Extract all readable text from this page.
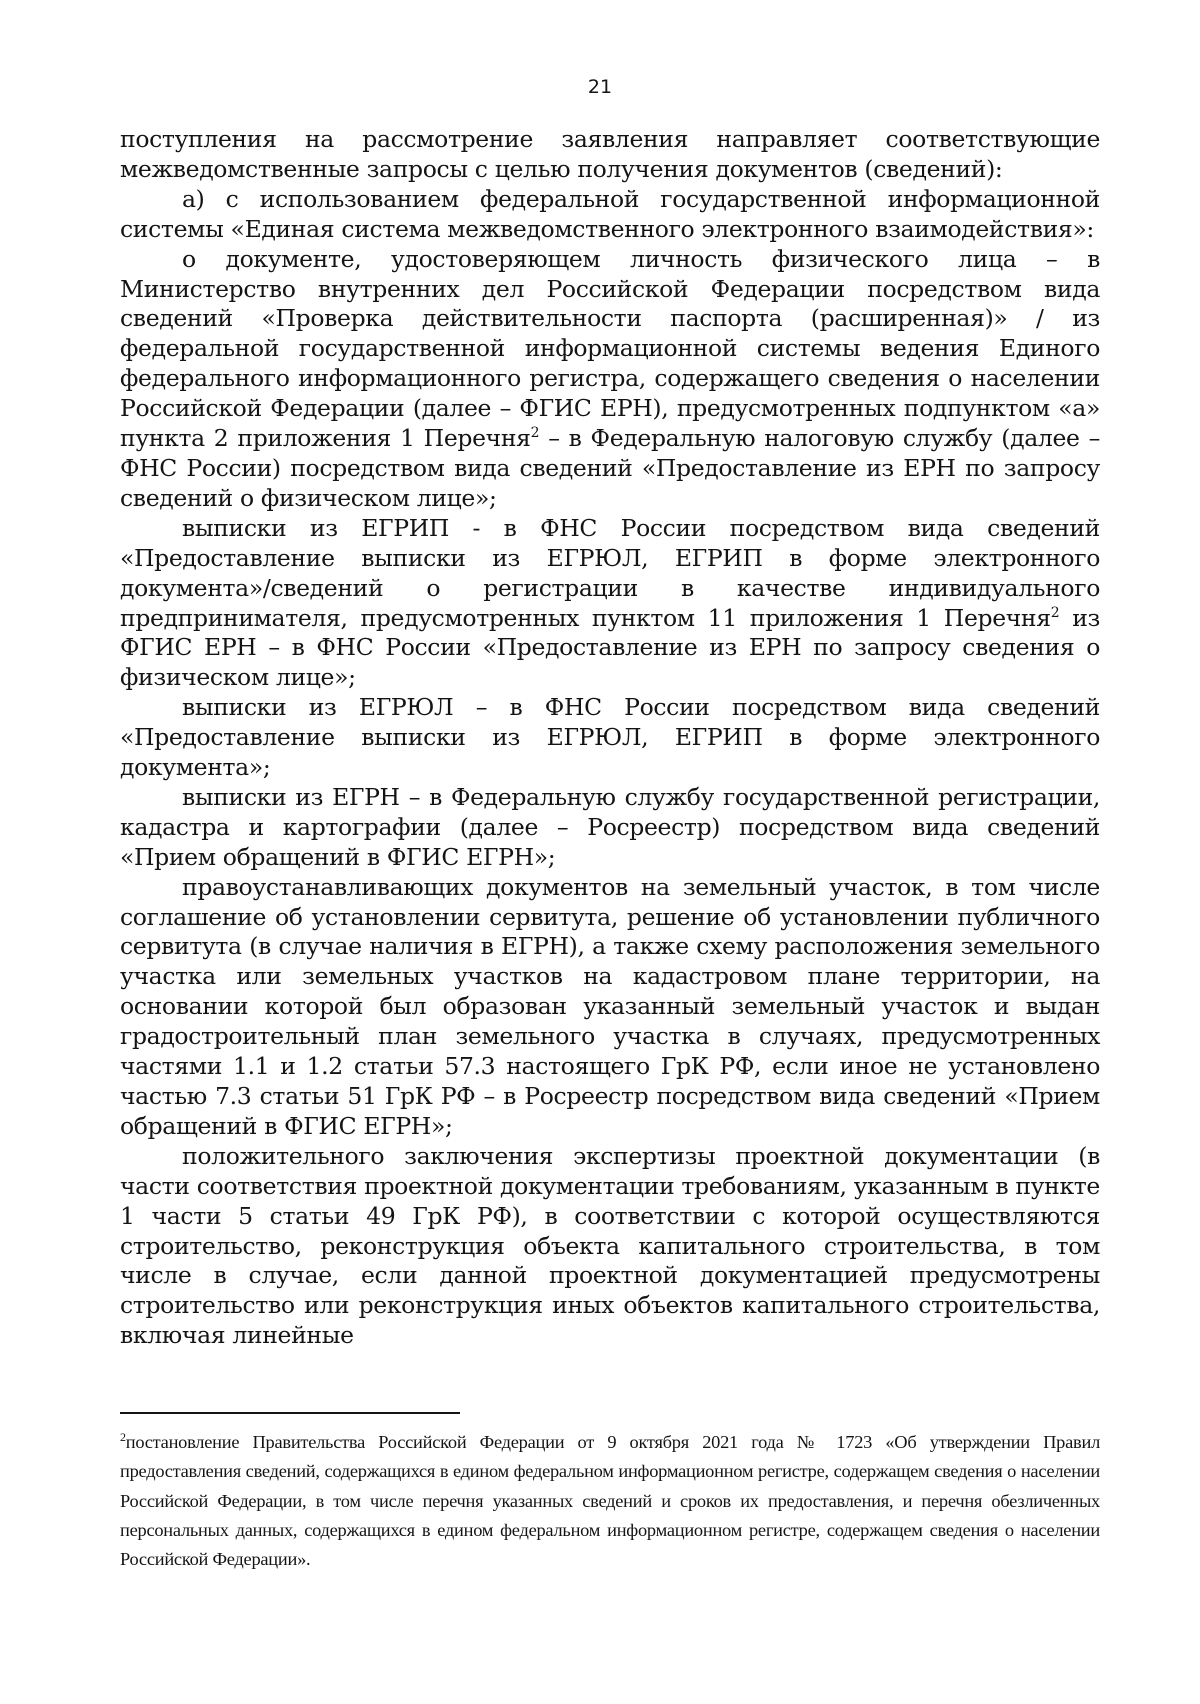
21

поступления на рассмотрение заявления направляет соответствующие межведомственные запросы с целью получения документов (сведений):

а) с использованием федеральной государственной информационной системы «Единая система межведомственного электронного взаимодействия»:

о документе, удостоверяющем личность физического лица – в Министерство внутренних дел Российской Федерации посредством вида сведений «Проверка действительности паспорта (расширенная)» / из федеральной государственной информационной системы ведения Единого федерального информационного регистра, содержащего сведения о населении Российской Федерации (далее – ФГИС ЕРН), предусмотренных подпунктом «а» пункта 2 приложения 1 Перечня$^2$ – в Федеральную налоговую службу (далее – ФНС России) посредством вида сведений «Предоставление из ЕРН по запросу сведений о физическом лице»;

выписки из ЕГРИП - в ФНС России посредством вида сведений «Предоставление выписки из ЕГРЮЛ, ЕГРИП в форме электронного документа»/сведений о регистрации в качестве индивидуального предпринимателя, предусмотренных пунктом 11 приложения 1 Перечня$^2$ из ФГИС ЕРН – в ФНС России «Предоставление из ЕРН по запросу сведения о физическом лице»;

выписки из ЕГРЮЛ – в ФНС России посредством вида сведений «Предоставление выписки из ЕГРЮЛ, ЕГРИП в форме электронного документа»;

выписки из ЕГРН – в Федеральную службу государственной регистрации, кадастра и картографии (далее – Росреестр) посредством вида сведений «Прием обращений в ФГИС ЕГРН»;

правоустанавливающих документов на земельный участок, в том числе соглашение об установлении сервитута, решение об установлении публичного сервитута (в случае наличия в ЕГРН), а также схему расположения земельного участка или земельных участков на кадастровом плане территории, на основании которой был образован указанный земельный участок и выдан градостроительный план земельного участка в случаях, предусмотренных частями 1.1 и 1.2 статьи 57.3 настоящего ГрК РФ, если иное не установлено частью 7.3 статьи 51 ГрК РФ – в Росреестр посредством вида сведений «Прием обращений в ФГИС ЕГРН»;

положительного заключения экспертизы проектной документации (в части соответствия проектной документации требованиям, указанным в пункте 1 части 5 статьи 49 ГрК РФ), в соответствии с которой осуществляются строительство, реконструкция объекта капитального строительства, в том числе в случае, если данной проектной документацией предусмотрены строительство или реконструкция иных объектов капитального строительства, включая линейные

$^2$постановление Правительства Российской Федерации от 9 октября 2021 года № 1723 «Об утверждении Правил предоставления сведений, содержащихся в едином федеральном информационном регистре, содержащем сведения о населении Российской Федерации, в том числе перечня указанных сведений и сроков их предоставления, и перечня обезличенных персональных данных, содержащихся в едином федеральном информационном регистре, содержащем сведения о населении Российской Федерации».
